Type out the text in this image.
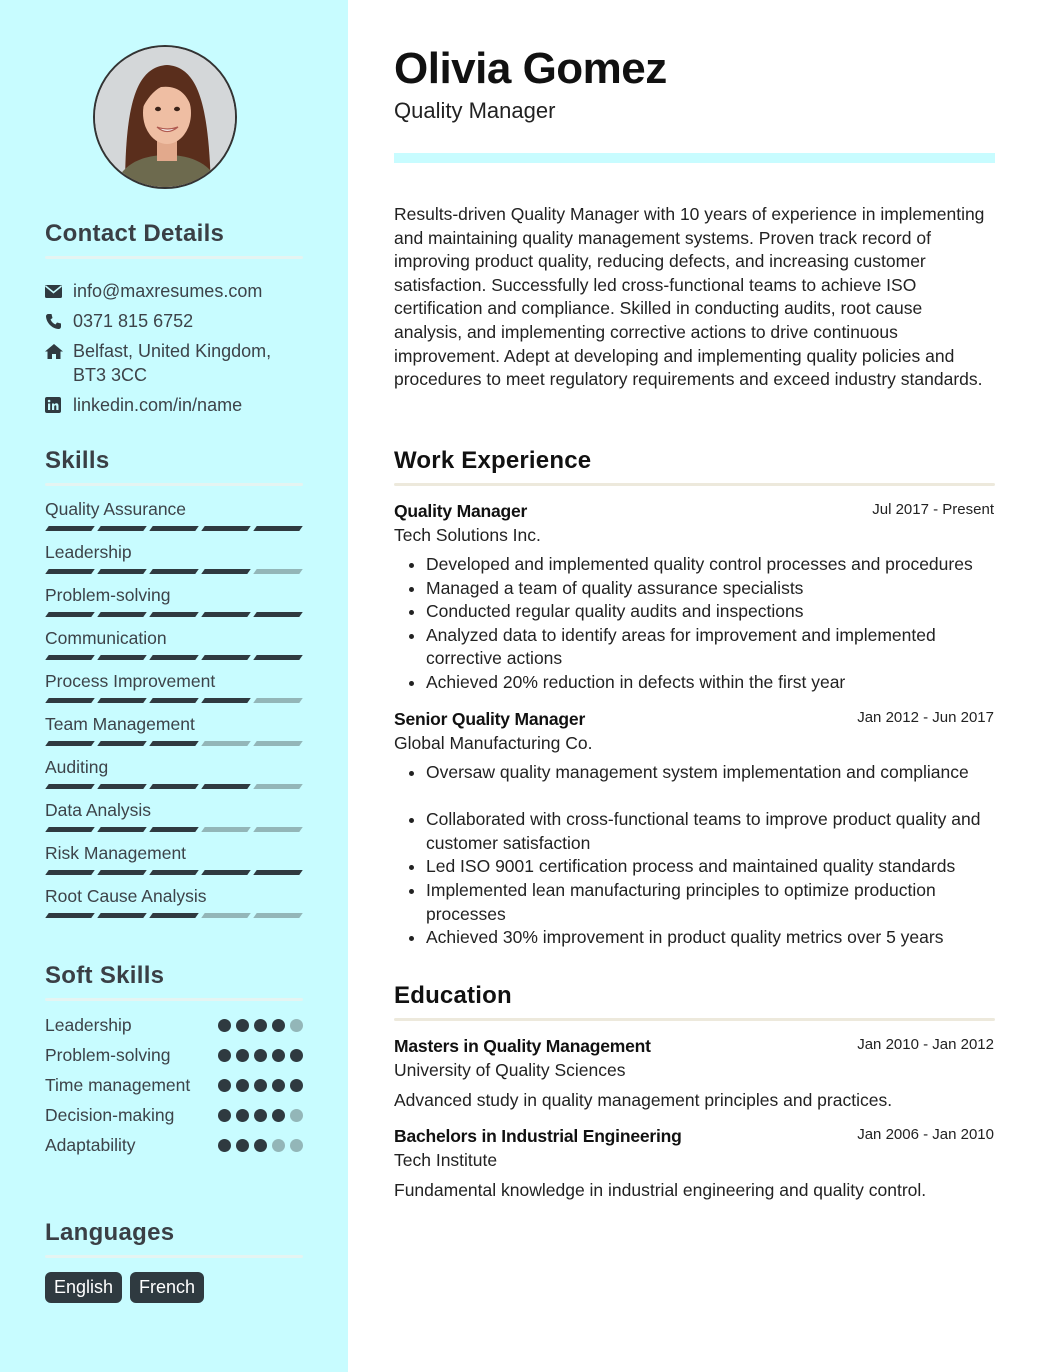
Contact Details
info@maxresumes.com
0371 815 6752
Belfast, United Kingdom, BT3 3CC
linkedin.com/in/name
Skills
Quality Assurance
Leadership
Problem-solving
Communication
Process Improvement
Team Management
Auditing
Data Analysis
Risk Management
Root Cause Analysis
Soft Skills
Leadership
Problem-solving
Time management
Decision-making
Adaptability
Languages
English	French
Olivia Gomez
Quality Manager

Results-driven Quality Manager with 10 years of experience in implementing and maintaining quality management systems. Proven track record of improving product quality, reducing defects, and increasing customer satisfaction. Successfully led cross-functional teams to achieve ISO certification and compliance. Skilled in conducting audits, root cause analysis, and implementing corrective actions to drive continuous improvement. Adept at developing and implementing quality policies and procedures to meet regulatory requirements and exceed industry standards.

Work Experience
Quality Manager	Jul 2017 - Present
Tech Solutions Inc.
• Developed and implemented quality control processes and procedures
• Managed a team of quality assurance specialists
• Conducted regular quality audits and inspections
• Analyzed data to identify areas for improvement and implemented corrective actions
• Achieved 20% reduction in defects within the first year
Senior Quality Manager	Jan 2012 - Jun 2017
Global Manufacturing Co.
• Oversaw quality management system implementation and compliance
• Collaborated with cross-functional teams to improve product quality and customer satisfaction
• Led ISO 9001 certification process and maintained quality standards
• Implemented lean manufacturing principles to optimize production processes
• Achieved 30% improvement in product quality metrics over 5 years
Education
Masters in Quality Management	Jan 2010 - Jan 2012
University of Quality Sciences
Advanced study in quality management principles and practices.
Bachelors in Industrial Engineering	Jan 2006 - Jan 2010
Tech Institute
Fundamental knowledge in industrial engineering and quality control.
